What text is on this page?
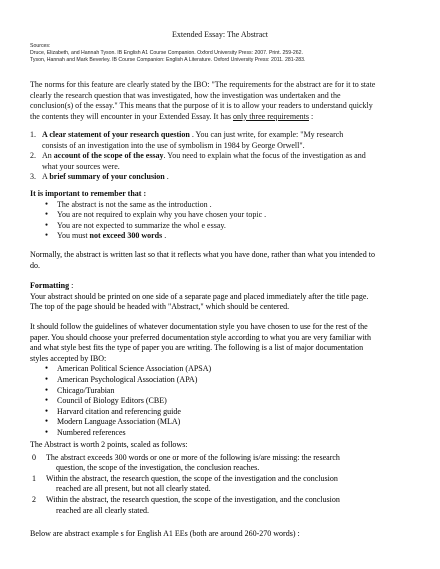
Extended Essay: The Abstract
Sources:
Druce, Elizabeth, and Hannah Tyson. IB English A1 Course Companion. Oxford University Press: 2007. Print. 259-262.
Tyson, Hannah and Mark Beverley. IB Course Companion: English A Literature. Oxford University Press: 2011. 281-283.
The norms for this feature are clearly stated by the IBO: "The requirements for the abstract are for it to state
clearly the research question that was investigated, how the investigation was undertaken and the
conclusion(s) of the essay." This means that the purpose of it is to allow your readers to understand quickly
the contents they will encounter in your Extended Essay. It has only three requirements :
1. A clear statement of your research question . You can just write, for example: "My research
consists of an investigation into the use of symbolism in 1984 by George Orwell".
2. An account of the scope of the essay. You need to explain what the focus of the investigation as and
what your sources were.
3. A brief summary of your conclusion .
It is important to remember that :
● The abstract is not the same as the introduction .
● You are not required to explain why you have chosen your topic .
● You are not expected to summarize the whol e essay.
● You must not exceed 300 words .
Normally, the abstract is written last so that it reflects what you have done, rather than what you intended to
do.
Formatting :
Your abstract should be printed on one side of a separate page and placed immediately after the title page.
The top of the page should be headed with "Abstract," which should be centered.
It should follow the guidelines of whatever documentation style you have chosen to use for the rest of the
paper. You should choose your preferred documentation style according to what you are very familiar with
and what style best fits the type of paper you are writing. The following is a list of major documentation
styles accepted by IBO:
● American Political Science Association (APSA)
● American Psychological Association (APA)
● Chicago/Turabian
● Council of Biology Editors (CBE)
● Harvard citation and referencing guide
● Modern Language Association (MLA)
● Numbered references
The Abstract is worth 2 points, scaled as follows:
0 The abstract exceeds 300 words or one or more of the following is/are missing: the research
question, the scope of the investigation, the conclusion reaches.
1 Within the abstract, the research question, the scope of the investigation and the conclusion
reached are all present, but not all clearly stated.
2 Within the abstract, the research question, the scope of the investigation, and the conclusion
reached are all clearly stated.
Below are abstract example s for English A1 EEs (both are around 260-270 words) :
